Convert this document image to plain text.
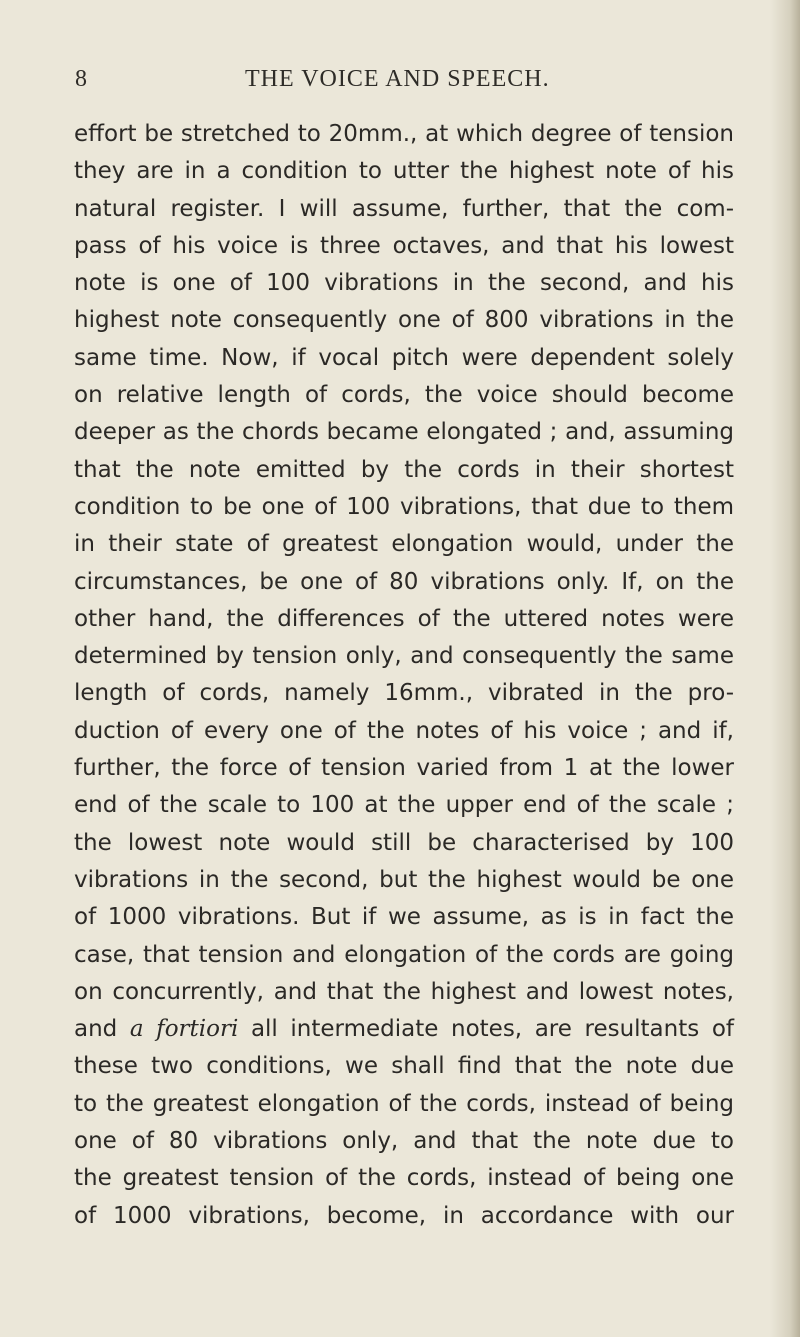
8	THE VOICE AND SPEECH.
effort be stretched to 20mm., at which degree of tension
they are in a condition to utter the highest note of his
natural register. I will assume, further, that the com-
pass of his voice is three octaves, and that his lowest
note is one of 100 vibrations in the second, and his
highest note consequently one of 800 vibrations in the
same time. Now, if vocal pitch were dependent solely
on relative length of cords, the voice should become
deeper as the chords became elongated ; and, assuming
that the note emitted by the cords in their shortest
condition to be one of 100 vibrations, that due to them
in their state of greatest elongation would, under the
circumstances, be one of 80 vibrations only. If, on the
other hand, the differences of the uttered notes were
determined by tension only, and consequently the same
length of cords, namely 16mm., vibrated in the pro-
duction of every one of the notes of his voice ; and if,
further, the force of tension varied from 1 at the lower
end of the scale to 100 at the upper end of the scale ;
the lowest note would still be characterised by 100
vibrations in the second, but the highest would be one
of 1000 vibrations. But if we assume, as is in fact the
case, that tension and elongation of the cords are going
on concurrently, and that the highest and lowest notes,
and a fortiori all intermediate notes, are resultants of
these two conditions, we shall find that the note due
to the greatest elongation of the cords, instead of being
one of 80 vibrations only, and that the note due to
the greatest tension of the cords, instead of being one
of 1000 vibrations, become, in accordance with our
